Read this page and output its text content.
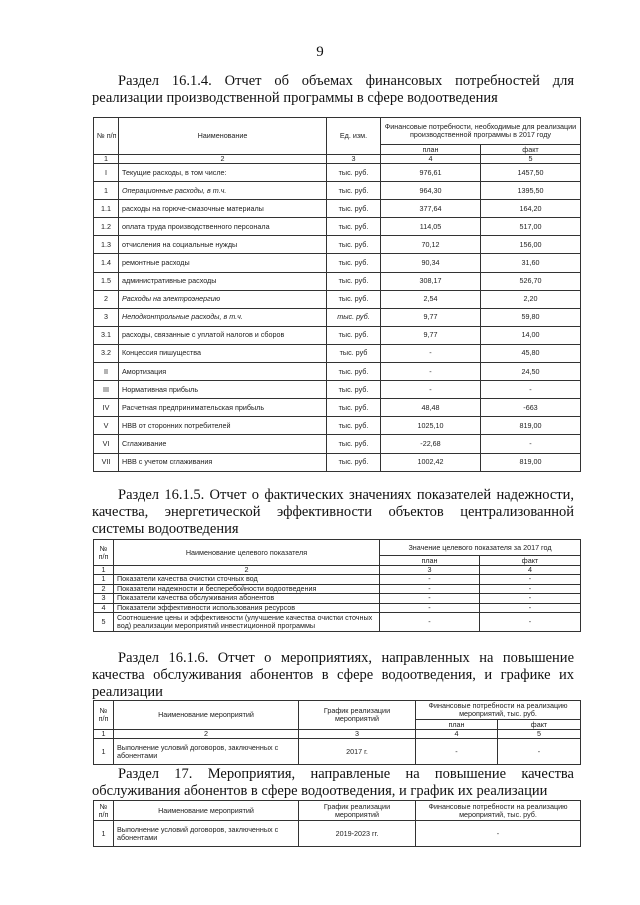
9
Раздел 16.1.4. Отчет об объемах финансовых потребностей для реализации производственной программы в сфере водоотведения
№ п/п	Наименование	Ед. изм.	Финансовые потребности, необходимые для реализации производственной программы в 2017 году	
			план	факт
1	2	3	4	5
I	Текущие расходы, в том числе:	тыс. руб.	976,61	1457,50
1	Операционные расходы, в т.ч.	тыс. руб.	964,30	1395,50
1.1	расходы на горюче-смазочные материалы	тыс. руб.	377,64	164,20
1.2	оплата труда производственного персонала	тыс. руб.	114,05	517,00
1.3	отчисления на социальные нужды	тыс. руб.	70,12	156,00
1.4	ремонтные расходы	тыс. руб.	90,34	31,60
1.5	административные расходы	тыс. руб.	308,17	526,70
2	Расходы на электроэнергию	тыс. руб.	2,54	2,20
3	Неподконтрольные расходы, в т.ч.	тыс. руб.	9,77	59,80
3.1	расходы, связанные с уплатой налогов и сборов	тыс. руб.	9,77	14,00
3.2	Концессия пишущества	тыс. руб	-	45,80
II	Амортизация	тыс. руб.	-	24,50
III	Нормативная прибыль	тыс. руб.	-	-
IV	Расчетная предпринимательская прибыль	тыс. руб.	48,48	-663
V	НВВ от сторонних потребителей	тыс. руб.	1025,10	819,00
VI	Сглаживание	тыс. руб.	-22,68	-
VII	НВВ с учетом сглаживания	тыс. руб.	1002,42	819,00
Раздел 16.1.5. Отчет о фактических значениях показателей надежности, качества, энергетической эффективности объектов централизованной системы водоотведения
№ п/п	Наименование целевого показателя	Значение целевого показателя за 2017 год	
		план	факт
1	2	3	4
1	Показатели качества очистки сточных вод	-	-
2	Показатели надежности и бесперебойности водоотведения	-	-
3	Показатели качества обслуживания абонентов	-	-
4	Показатели эффективности использования ресурсов	-	-
5	Соотношение цены и эффективности (улучшение качества очистки сточных вод) реализации мероприятий инвестиционной программы	-	-
Раздел 16.1.6. Отчет о мероприятиях, направленных на повышение качества обслуживания абонентов в сфере водоотведения, и графике их реализации
№ п/п	Наименование мероприятий	График реализации мероприятий	Финансовые потребности на реализацию мероприятий, тыс. руб.	
			план	факт
1	2	3	4	5
1	Выполнение условий договоров, заключенных с абонентами	2017 г.	-	-
Раздел 17. Мероприятия, направленые на повышение качества обслуживания абонентов в сфере водоотведения, и график их реализации
№ п/п	Наименование мероприятий	График реализации мероприятий	Финансовые потребности на реализацию мероприятий, тыс. руб.
1	Выполнение условий договоров, заключенных с абонентами	2019-2023 гг.	-
